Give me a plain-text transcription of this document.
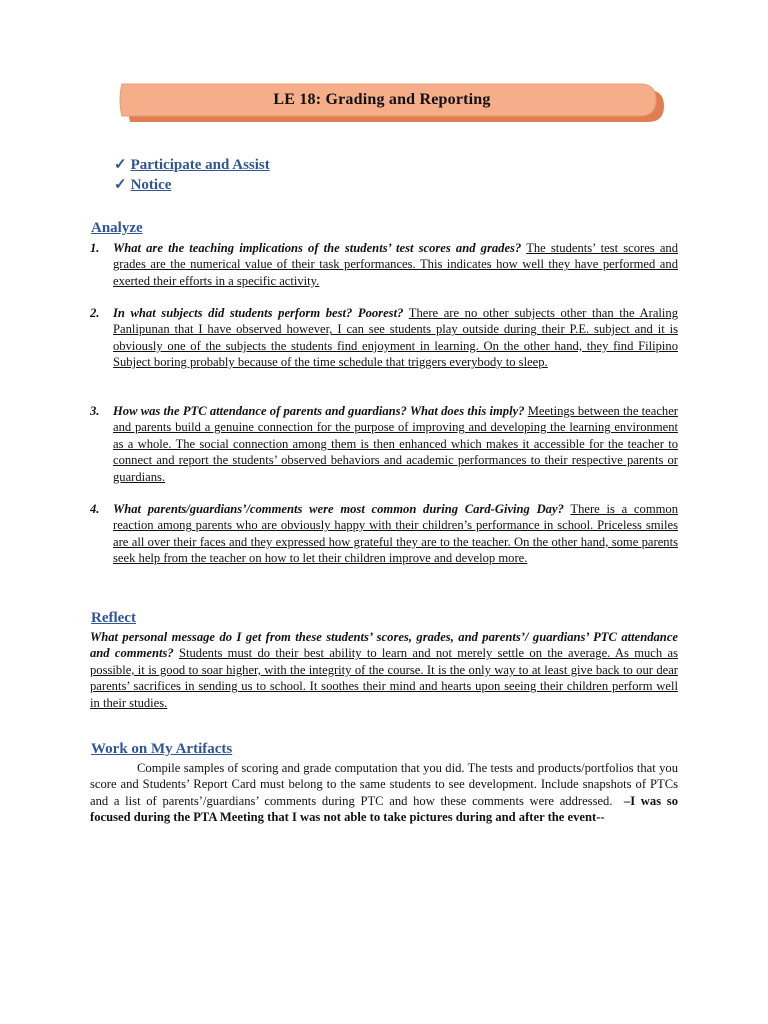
LE 18: Grading and Reporting
✓ Participate and Assist
✓ Notice
Analyze
1. What are the teaching implications of the students’ test scores and grades? The students’ test scores and grades are the numerical value of their task performances. This indicates how well they have performed and exerted their efforts in a specific activity.
2. In what subjects did students perform best? Poorest? There are no other subjects other than the Araling Panlipunan that I have observed however, I can see students play outside during their P.E. subject and it is obviously one of the subjects the students find enjoyment in learning. On the other hand, they find Filipino Subject boring probably because of the time schedule that triggers everybody to sleep.
3. How was the PTC attendance of parents and guardians? What does this imply? Meetings between the teacher and parents build a genuine connection for the purpose of improving and developing the learning environment as a whole. The social connection among them is then enhanced which makes it accessible for the teacher to connect and report the students’ observed behaviors and academic performances to their respective parents or guardians.
4. What parents/guardians’/comments were most common during Card-Giving Day? There is a common reaction among parents who are obviously happy with their children’s performance in school. Priceless smiles are all over their faces and they expressed how grateful they are to the teacher. On the other hand, some parents seek help from the teacher on how to let their children improve and develop more.
Reflect
What personal message do I get from these students’ scores, grades, and parents’/ guardians’ PTC attendance and comments? Students must do their best ability to learn and not merely settle on the average. As much as possible, it is good to soar higher, with the integrity of the course. It is the only way to at least give back to our dear parents’ sacrifices in sending us to school. It soothes their mind and hearts upon seeing their children perform well in their studies.
Work on My Artifacts
Compile samples of scoring and grade computation that you did. The tests and products/portfolios that you score and Students’ Report Card must belong to the same students to see development. Include snapshots of PTCs and a list of parents’/guardians’ comments during PTC and how these comments were addressed. –I was so focused during the PTA Meeting that I was not able to take pictures during and after the event--
